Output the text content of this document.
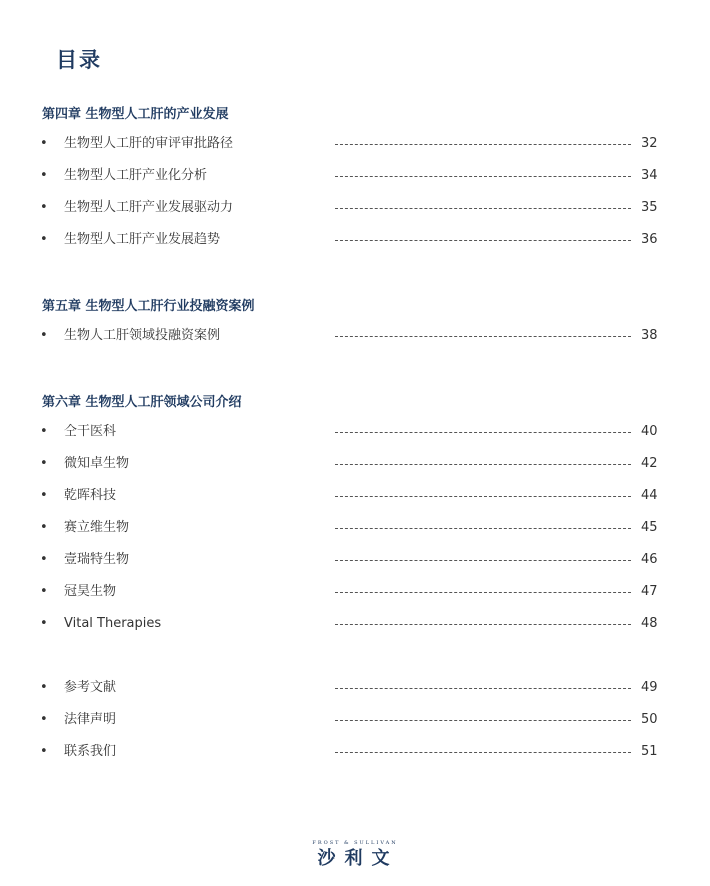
目录
第四章 生物型人工肝的产业发展
• 生物型人工肝的审评审批路径	32
• 生物型人工肝产业化分析	34
• 生物型人工肝产业发展驱动力	35
• 生物型人工肝产业发展趋势	36
第五章 生物型人工肝行业投融资案例
• 生物人工肝领域投融资案例	38
第六章 生物型人工肝领域公司介绍
• 仝干医科	40
• 微知卓生物	42
• 乾晖科技	44
• 赛立维生物	45
• 壹瑞特生物	46
• 冠昊生物	47
• Vital Therapies	48
• 参考文献	49
• 法律声明	50
• 联系我们	51
FROST & SULLIVAN
沙利文
